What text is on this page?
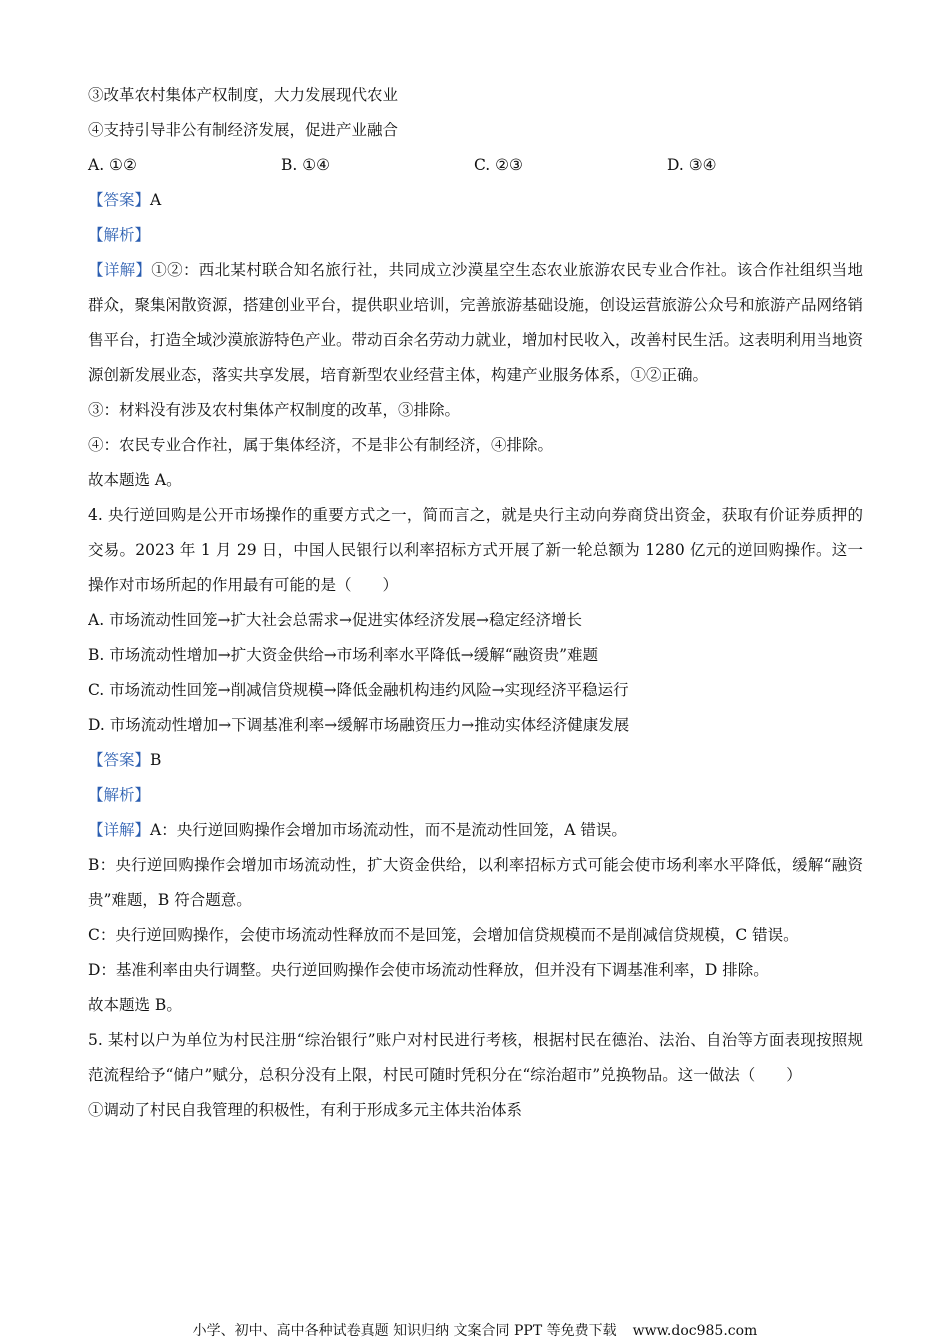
③改革农村集体产权制度，大力发展现代农业
④支持引导非公有制经济发展，促进产业融合
A. ①②	B. ①④	C. ②③	D. ③④
【答案】A
【解析】
【详解】①②：西北某村联合知名旅行社，共同成立沙漠星空生态农业旅游农民专业合作社。该合作社组织当地群众，聚集闲散资源，搭建创业平台，提供职业培训，完善旅游基础设施，创设运营旅游公众号和旅游产品网络销售平台，打造全域沙漠旅游特色产业。带动百余名劳动力就业，增加村民收入，改善村民生活。这表明利用当地资源创新发展业态，落实共享发展，培育新型农业经营主体，构建产业服务体系，①②正确。
③：材料没有涉及农村集体产权制度的改革，③排除。
④：农民专业合作社，属于集体经济，不是非公有制经济，④排除。
故本题选 A。
4. 央行逆回购是公开市场操作的重要方式之一，简而言之，就是央行主动向券商贷出资金，获取有价证券质押的交易。2023 年 1 月 29 日，中国人民银行以利率招标方式开展了新一轮总额为 1280 亿元的逆回购操作。这一操作对市场所起的作用最有可能的是（　　）
A. 市场流动性回笼→扩大社会总需求→促进实体经济发展→稳定经济增长
B. 市场流动性增加→扩大资金供给→市场利率水平降低→缓解“融资贵”难题
C. 市场流动性回笼→削减信贷规模→降低金融机构违约风险→实现经济平稳运行
D. 市场流动性增加→下调基准利率→缓解市场融资压力→推动实体经济健康发展
【答案】B
【解析】
【详解】A：央行逆回购操作会增加市场流动性，而不是流动性回笼，A 错误。
B：央行逆回购操作会增加市场流动性，扩大资金供给，以利率招标方式可能会使市场利率水平降低，缓解“融资贵”难题，B 符合题意。
C：央行逆回购操作，会使市场流动性释放而不是回笼，会增加信贷规模而不是削减信贷规模，C 错误。
D：基准利率由央行调整。央行逆回购操作会使市场流动性释放，但并没有下调基准利率，D 排除。
故本题选 B。
5. 某村以户为单位为村民注册“综治银行”账户对村民进行考核，根据村民在德治、法治、自治等方面表现按照规范流程给予“储户”赋分，总积分没有上限，村民可随时凭积分在“综治超市”兑换物品。这一做法（　　）
①调动了村民自我管理的积极性，有利于形成多元主体共治体系
小学、初中、高中各种试卷真题 知识归纳 文案合同 PPT 等免费下载 www.doc985.com
